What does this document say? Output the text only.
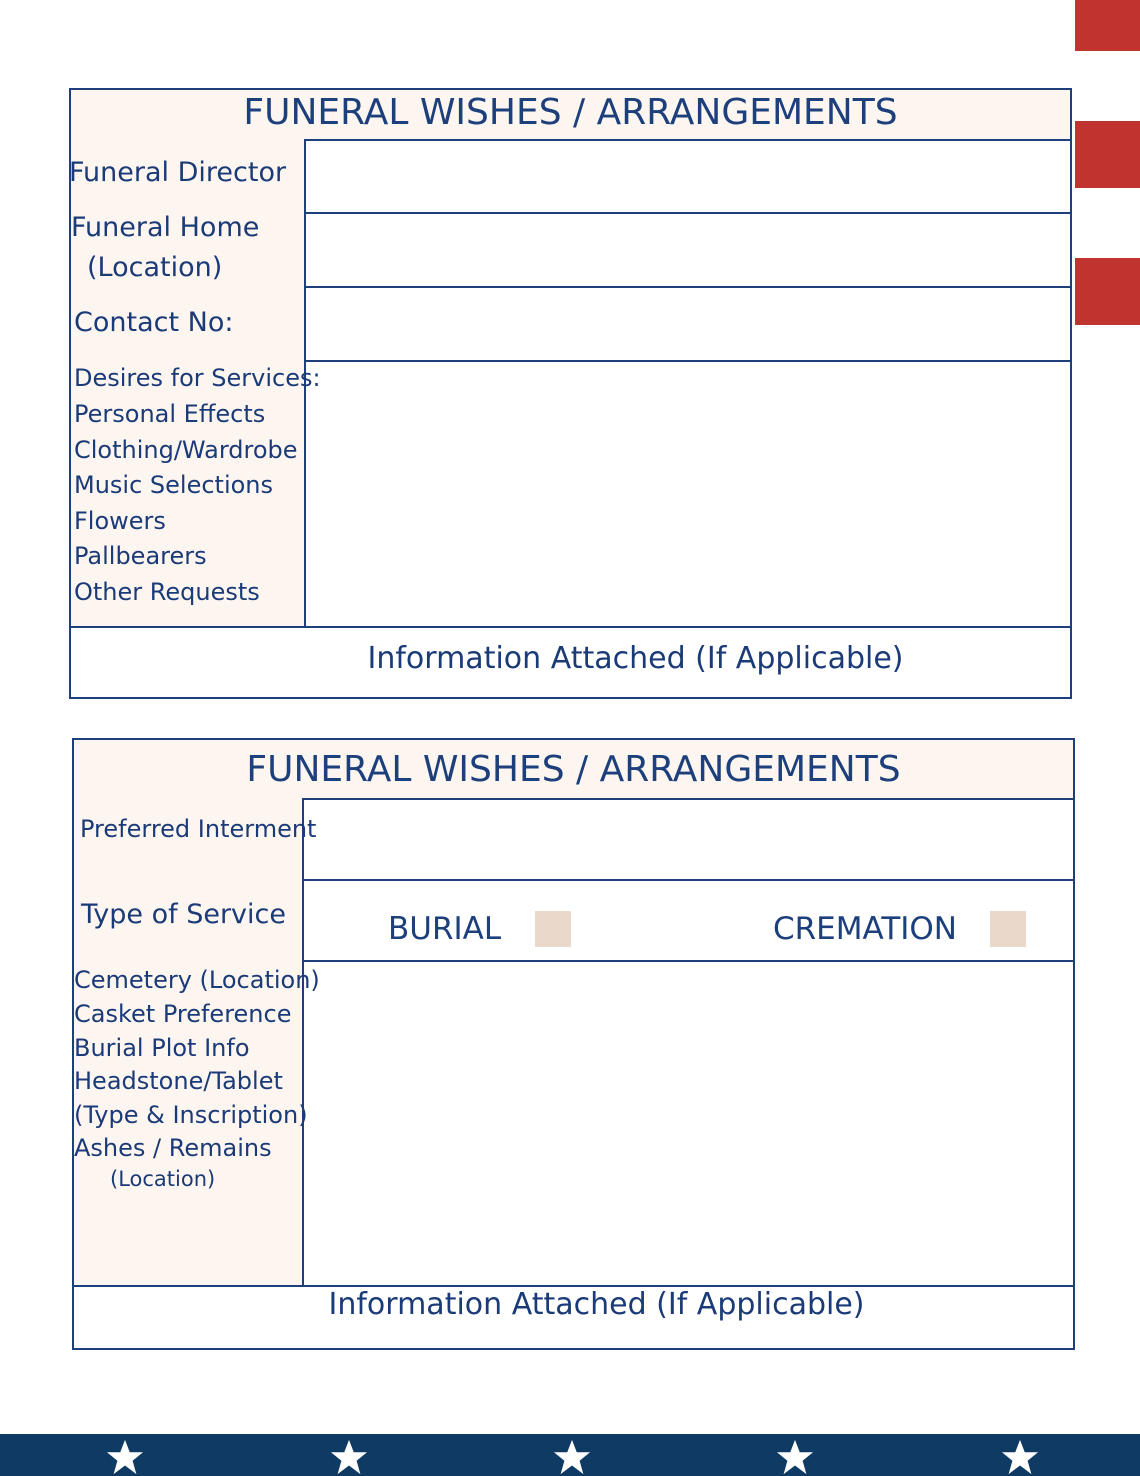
FUNERAL WISHES / ARRANGEMENTS
Funeral Director
Funeral Home
(Location)
Contact No:
Desires for Services:
Personal Effects
Clothing/Wardrobe
Music Selections
Flowers
Pallbearers
Other Requests
Information Attached (If Applicable)
FUNERAL WISHES / ARRANGEMENTS
Preferred Interment
Type of Service	BURIAL	CREMATION
Cemetery (Location)
Casket Preference
Burial Plot Info
Headstone/Tablet
(Type & Inscription)
Ashes / Remains
(Location)
Information Attached (If Applicable)
